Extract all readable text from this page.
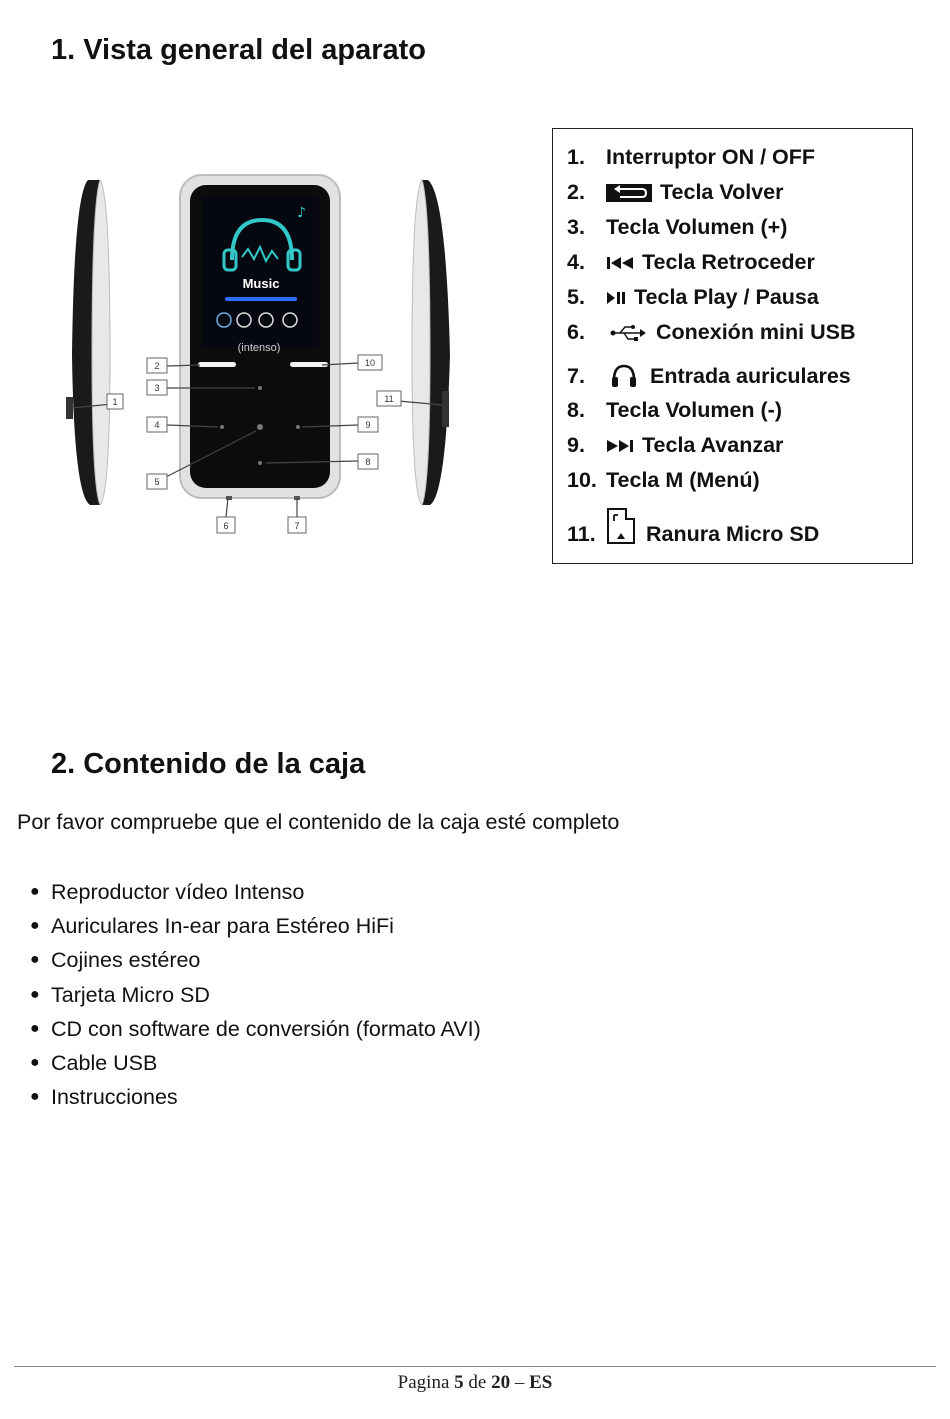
1. Vista general del aparato
♪
Music
(intenso)
1
2
3
4
5
6	7
8
9
10
11
1. Interruptor ON / OFF
2.	Tecla Volver
3. Tecla Volumen (+)
4.	Tecla Retroceder
5.	Tecla Play / Pausa
6.	Conexión mini USB
7.	Entrada auriculares
8. Tecla Volumen (-)
9.	Tecla Avanzar
10. Tecla M (Menú)
11.	Ranura Micro SD
2. Contenido de la caja
Por favor compruebe que el contenido de la caja esté completo
● Reproductor vídeo Intenso
● Auriculares In-ear para Estéreo HiFi
● Cojines estéreo
● Tarjeta Micro SD
● CD con software de conversión (formato AVI)
● Cable USB
● Instrucciones
Pagina 5 de 20 – ES
